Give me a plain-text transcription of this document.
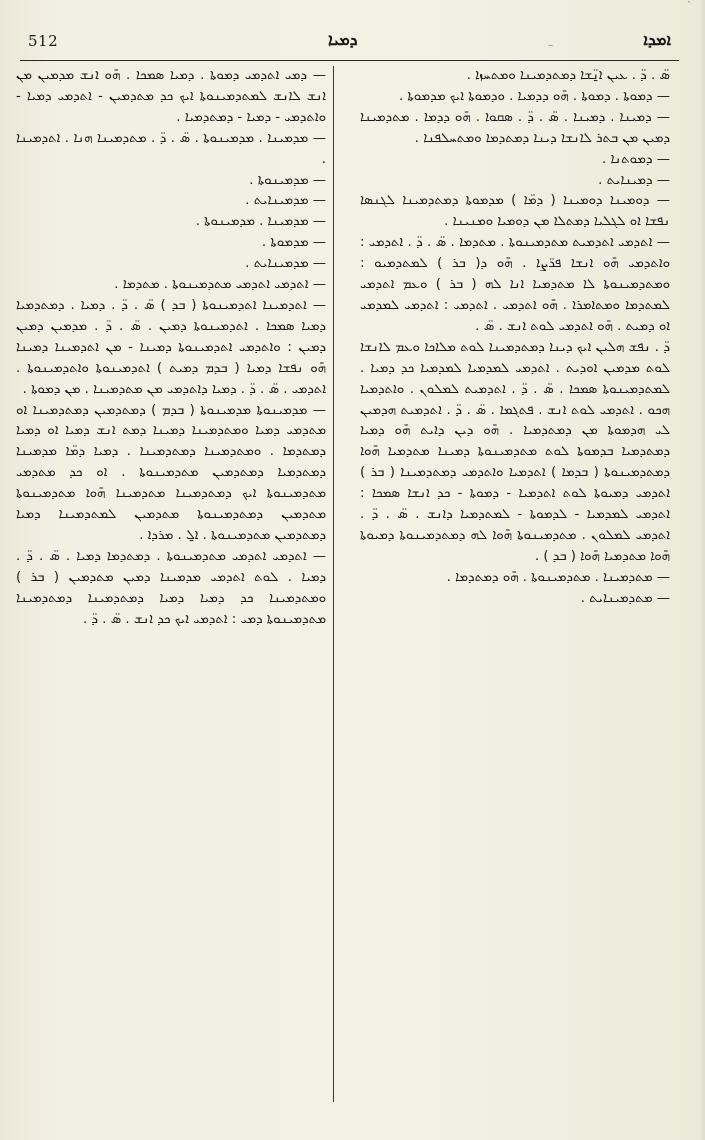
512	ܕܡܝܐ	–	ܐܡܕܐ

ܣ̈ . ܕ̈ . ܥܝܢ ܐ̱ܢ̈ܫܐ ܕܡܬܕܡܝܢܐ ܘܡܬܚܙܐ .

— ܕܡܘܬܐ . ܕܡܘܬܐ . ܗ̄ܘ ܕܕܡܝܐ . ܘܕܡܘܬܐ ܐܝܟ ܡܕܡܘܬܐ .

— ܕܡܝܢܐ . ܕܡܝܢܐ . ܣ̈ . ܕ̈ . ܣܩܘܐ . ܗ̄ܘ ܕܕܡܐ . ܡܬܕܡܝܢܐ ܕܡܝܢ ܡܢ ܒܬܪ ܠܐܢܫܐ ܕܝܢܐ ܕܡܬܕܡܐ ܘܡܬܚܠܦܢܐ .

— ܕܡܘܬܢܐ .

— ܕܡܝܢܐܝܬ .

— ܕܘܡܝܢܐ ܕܘܡܝܢܐ ( ܕܡ̈ܐ ) ܡܕܡܘܬܐ ܕܡܬܕܡܝܢܐ ܠܓܢܣܐ ܢܦܫܐ ܐܘ ܠܓܠܝܐ ܕܡܬܠܐ ܡܢ ܕܘܡܝܐ ܘܡܢܝܢܐ .

— ܐܬܕܡܝ ܐܬܕܡܝܬ ܡܬܕܡܝܢܘܬܐ . ܡܬܕܡܐ . ܣ̈ . ܕ̈ . ܐܬܕܡܝ : ܘܐܬܕܡܝ ܗ̄ܘ ܐܢܫܐ ܦܪ̈ܨܐ . ܗ̄ܘ ܕ( ܒܪ ) ܠܡܬܕܡܝܘ : ܘܡܬܕܡܝܢܘܬܐ ܠܐ ܡܬܕܡܝܐ ܐܢܐ ܠܗ ( ܒܪ ) ܘܥܡ ܐܬܕܡܝ ܠܡܬܕܡܐ ܘܡܬܐܡܪܐ . ܗ̄ܘ ܐܬܕܡܝ . ܐܬܕܡܝ : ܐܬܕܡܝ ܠܡܕܡܝ ܐܘ ܕܡܝܬ . ܗ̄ܘ ܐܬܕܡܝ ܠܘܬ ܐܢܫ . ܣ̈ .

ܕ̈ . ܢܦܫ ܗܠܝܢ ܐܝܟ ܕܝܢܐ ܕܡܬܕܡܝܢܐ ܠܘܬ ܡܠܐܟܐ ܘܥܡ ܠܐܢܫܐ ܠܘܬ ܡܕܡܝܢ ܐܘܕܝܬ . ܐܬܕܡܝ ܠܡܕܡܝܐ ܠܡܕܡܝܐ ܟܕ ܕܡܝܐ . ܠܡܬܕܡܝܢܘܬܐ ܣܡܟܐ . ܣ̈ . ܕ̈ . ܐܬܕܡܝܬ ܠܡܠܘܢ . ܘܐܬܕܡܝܐ ܗܟܘ . ܐܬܕܡܝ ܠܘܬ ܐܢܫ . ܦܬܓܡܐ . ܣ̈ . ܕ̈ . ܐܬܕܡܝܬ ܗܕܡܝܢ ܠܝ ܗܕܡܘܬܐ ܡܢ ܕܡܬܕܡܝܐ . ܗ̄ܘ ܕܝܢ ܕܐܝܬ ܗ̄ܘ ܕܡܝܐ ܕܡܬܕܡܝܐ ܒܕܡܘܬܐ ܠܘܬ ܡܬܕܡܝܢܘܬܐ ܕܡܝܢܐ ܡܬܕܡܝܐ ܗ̄ܘܐ ܕܡܬܕܡܝܢܘܬܐ ( ܒܕܡܐ ) ܐܬܕܡܝܐ ܘܐܬܕܡܝ ܕܡܬܕܡܝܢܐ ( ܒܪ ) ܐܬܕܡܝ ܕܡܝܘܬܐ ܠܘܬ ܐܬܕܡܝܐ - ܕܡܘܬܐ - ܟܕ ܐܢܫܐ ܣܡܟܐ : ܐܬܕܡܝ ܠܡܕܡܝܐ - ܠܕܡܘܬܐ - ܠܡܬܕܡܝܐ ܕܐܢܫ . ܣ̈ . ܕ̈ . ܐܬܕܡܝ ܠܡܠܘܢ . ܡܬܕܡܝܢܘܬܐ ܗ̄ܘܐ ܠܗ ܕܡܬܕܡܝܢܘܬܐ ܕܡܝܘܬܐ ܗ̄ܘܐ ܡܬܕܡܝܐ ܗ̄ܘܐ ( ܒܕ ) .

— ܡܬܕܡܝܢܐ . ܡܬܕܡܝܢܘܬܐ . ܗ̄ܘ ܕܡܬܕܡܐ .

— ܡܬܕܡܝܢܐܝܬ .

— ܕܡܝ ܐܬܕܡܝ ܕܡܘܬܐ . ܕܡܝܐ ܣܡܟܐ . ܗ̄ܘ ܐܢܫ ܡܕܡܝܢ ܡܢ ܐܢܫ ܠܐܢܫ ܠܡܬܕܡܝܢܘܬܐ ܐܝܟ ܟܕ ܡܬܕܡܝܢ - ܐܬܕܡܝ ܕܡܝܐ - ܘܐܬܕܡܝ - ܕܡܝܐ - ܕܡܬܕܡܝܐ .

— ܡܕܡܝܢܐ . ܡܕܡܝܢܘܬܐ . ܣ̈ . ܕ̈ . ܡܬܕܡܝܢܐ ܗܢܐ . ܐܬܕܡܝܢܐ .

— ܡܕܡܝܢܘܬܐ .

— ܡܕܡܝܢܐܝܬ .

— ܡܕܡܝܢܐ . ܡܕܡܝܢܘܬܐ .

— ܡܕܡܘܬܐ .

— ܡܕܡܝܢܐܝܬ .

— ܐܬܕܡܝ ܐܬܕܡܝ ܡܬܕܡܝܢܘܬܐ . ܡܬܕܡܐ .

— ܐܬܕܡܝܢܐ ܐܬܕܡܝܢܘܬܐ ( ܒܕ ) ܣ̈ . ܕ̈ . ܕܡܝܐ . ܕܡܬܕܡܝܐ ܕܡܝܐ ܣܡܟܐ . ܐܬܕܡܝܢܘܬܐ ܕܡܝܢ . ܣ̈ . ܕ̈ . ܡܕܡܝܢ ܕܡܝܢ ܕܡܝܢ : ܘܐܬܕܡܝ ܐܬܕܡܝܢܘܬܐ ܕܡܝܢܐ - ܡܢ ܐܬܕܡܝܢܐ ܕܡܝܢܐ ܗ̄ܘ ܢܦܫܐ ܕܡܝܐ ( ܒܕܡ ܕܡܝܬ ) ܐܬܕܡܝܢܘܬܐ ܘܐܬܕܡܝܢܘܬܐ . ܐܬܕܡܝ . ܣ̈ . ܕ̈ . ܕܡܝܐ ܕܐܬܕܡܝ ܡܢ ܡܬܕܡܝܢܐ . ܡܢ ܕܡܘܬܐ .

— ܡܕܡܝܢܘܬܐ ܡܕܡܝܢܘܬܐ ( ܒܕܡ ) ܕܡܬܕܡܝܢ ܕܡܬܕܡܝܢܐ ܐܘ ܡܬܕܡܝ ܕܡܝܐ ܘܡܬܕܡܝܢܐ ܕܡܝܢܐ ܕܡܬ ܐܢܫ ܕܡܝܐ ܐܘ ܕܡܝܐ ܕܡܬܕܡܐ . ܘܡܬܕܡܝܢܐ ܕܡܬܕܡܝܢܐ . ܕܡܝܐ ܕܡ̈ܐ ܡܕܡܝܢܐ ܕܡܬܕܡܝܐ ܕܡܬܕܡܝܢ ܡܬܕܡܝܢܘܬܐ . ܐܘ ܟܕ ܡܬܕܡܝ ܡܬܕܡܝܢܘܬܐ ܐܝܟ ܕܡܬܕܡܝܢܐ ܡܬܕܡܝܢܐ ܗ̄ܘܐ ܡܬܕܡܝܢܘܬܐ ܡܬܕܡܝܢ ܕܡܬܕܡܝܢܘܬܐ ܡܬܕܡܝܢ ܠܡܬܕܡܝܢܐ ܕܡܝܐ ܕܡܬܕܡܝܢ ܡܬܕܡܝܢܘܬܐ . ܐ̱ܠ . ܡܪܕܐ .

— ܐܬܕܡܝ ܐܬܕܡܝ ܡܬܕܡܝܢܘܬܐ . ܕܡܬܕܡܐ ܕܡܝܐ . ܣ̈ . ܕ̈ . ܕܡܝܐ . ܠܘܬ ܐܬܕܡܝ ܡܕܡܝܢܐ ܕܡܝܢ ܡܬܕܡܝܢ ( ܒܪ ) ܘܡܬܕܡܝܢܐ ܟܕ ܕܡܝܐ ܕܡܝܐ ܕܡܬܕܡܝܢܐ ܕܡܬܕܡܝܢܐ ܡܬܕܡܝܢܘܬܐ ܕܡܝ : ܐܬܕܡܝ ܐܝܟ ܟܕ ܐܢܫ . ܣ̈ . ܕ̈ .

ˋ
